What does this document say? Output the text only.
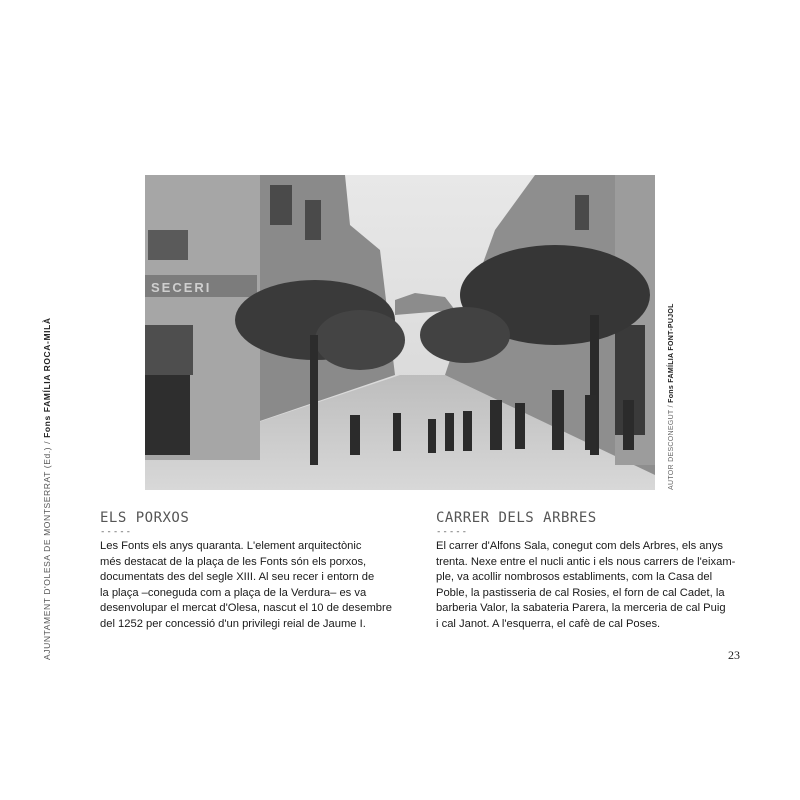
AJUNTAMENT D'OLESA DE MONTSERRAT (Ed.) / Fons FAMÍLIA ROCA-MILÀ
SECERI
AUTOR DESCONEGUT / Fons FAMÍLIA FONT-PUJOL

ELS PORXOS

-----

Les Fonts els anys quaranta. L'element arquitectònic

més destacat de la plaça de les Fonts són els porxos,

documentats des del segle XIII. Al seu recer i entorn de

la plaça –coneguda com a plaça de la Verdura– es va

desenvolupar el mercat d'Olesa, nascut el 10 de desembre

del 1252 per concessió d'un privilegi reial de Jaume I.

CARRER DELS ARBRES

-----

El carrer d'Alfons Sala, conegut com dels Arbres, els anys

trenta. Nexe entre el nucli antic i els nous carrers de l'eixam-

ple, va acollir nombrosos establiments, com la Casa del

Poble, la pastisseria de cal Rosies, el forn de cal Cadet, la

barberia Valor, la sabateria Parera, la merceria de cal Puig

i cal Janot. A l'esquerra, el cafè de cal Poses.

23
